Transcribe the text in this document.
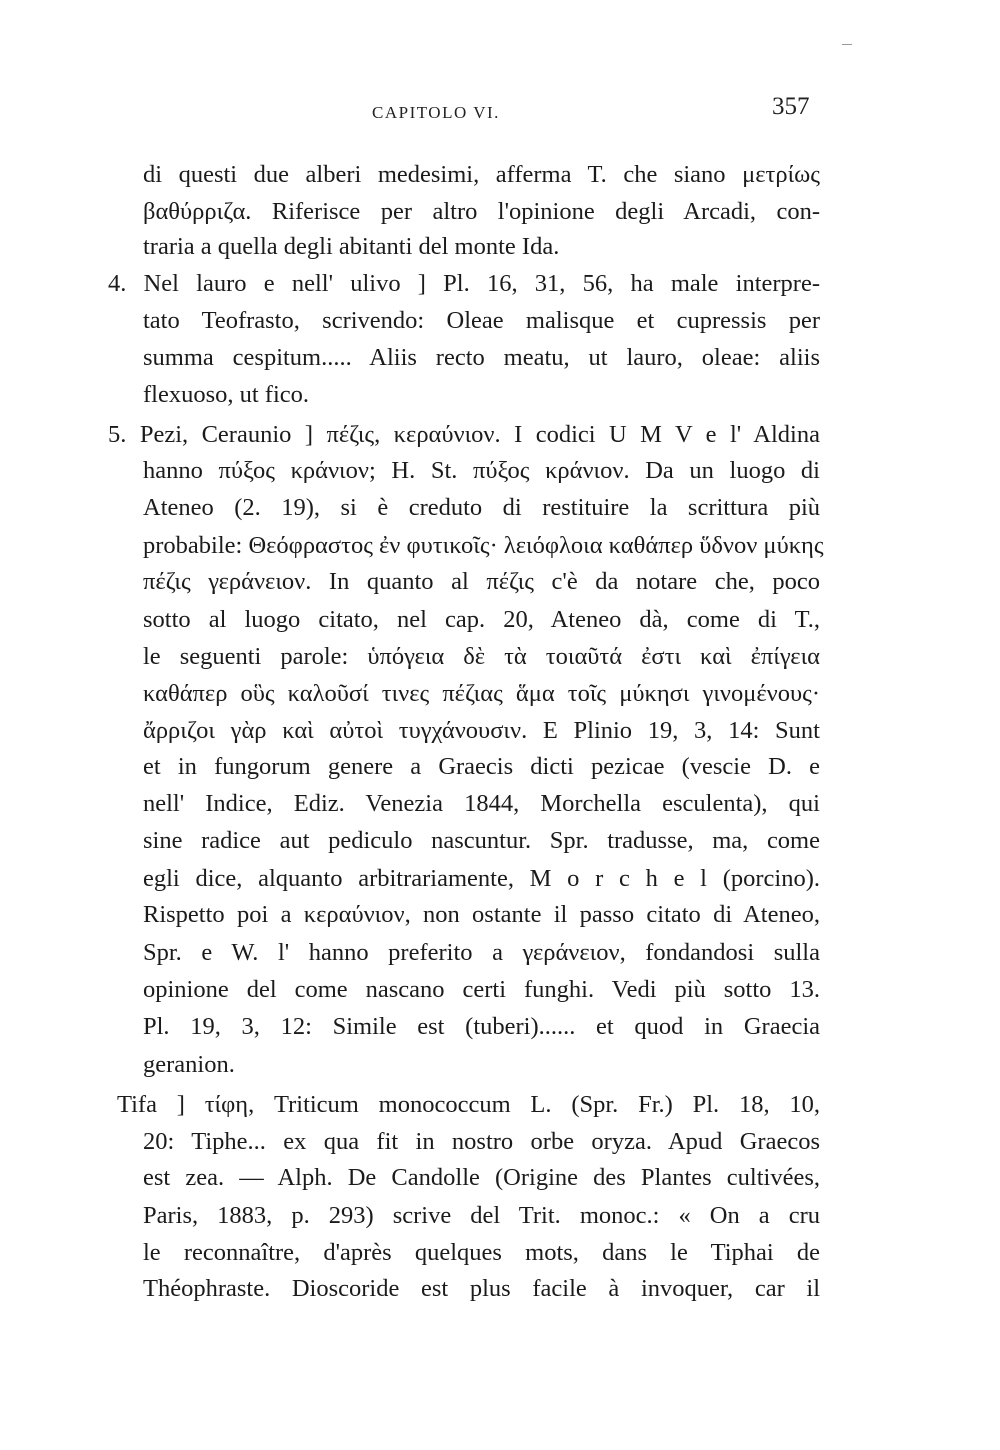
CAPITOLO VI.	357
di questi due alberi medesimi, afferma T. che siano μετρίως
βαθύρριζα. Riferisce per altro l'opinione degli Arcadi, con-
traria a quella degli abitanti del monte Ida.
4. Nel lauro e nell' ulivo ] Pl. 16, 31, 56, ha male interpre-
tato Teofrasto, scrivendo: Oleae malisque et cupressis per
summa cespitum..... Aliis recto meatu, ut lauro, oleae: aliis
flexuoso, ut fico.
5. Pezi, Ceraunio ] πέζις, κεραύνιον. I codici U M V e l' Aldina
hanno πύξος κράνιον; H. St. πύξος κράνιον. Da un luogo di
Ateneo (2. 19), si è creduto di restituire la scrittura più
probabile: Θεόφραστος ἐν φυτικοῖς· λειόφλοια καθάπερ ὕδνον μύκης
πέζις γεράνειον. In quanto al πέζις c'è da notare che, poco
sotto al luogo citato, nel cap. 20, Ateneo dà, come di T.,
le seguenti parole: ὑπόγεια δὲ τὰ τοιαῦτά ἐστι καὶ ἐπίγεια
καθάπερ οὓς καλοῦσί τινες πέζιας ἅμα τοῖς μύκησι γινομένους·
ἄρριζοι γὰρ καὶ αὐτοὶ τυγχάνουσιν. E Plinio 19, 3, 14: Sunt
et in fungorum genere a Graecis dicti pezicae (vescie D. e
nell' Indice, Ediz. Venezia 1844, Morchella esculenta), qui
sine radice aut pediculo nascuntur. Spr. tradusse, ma, come
egli dice, alquanto arbitrariamente, M o r c h e l (porcino).
Rispetto poi a κεραύνιον, non ostante il passo citato di Ateneo,
Spr. e W. l' hanno preferito a γεράνειον, fondandosi sulla
opinione del come nascano certi funghi. Vedi più sotto 13.
Pl. 19, 3, 12: Simile est (tuberi)...... et quod in Graecia
geranion.
Tifa ] τίφη, Triticum monococcum L. (Spr. Fr.) Pl. 18, 10,
20: Tiphe... ex qua fit in nostro orbe oryza. Apud Graecos
est zea. — Alph. De Candolle (Origine des Plantes cultivées,
Paris, 1883, p. 293) scrive del Trit. monoc.: « On a cru
le reconnaître, d'après quelques mots, dans le Tiphai de
Théophraste. Dioscoride est plus facile à invoquer, car il
